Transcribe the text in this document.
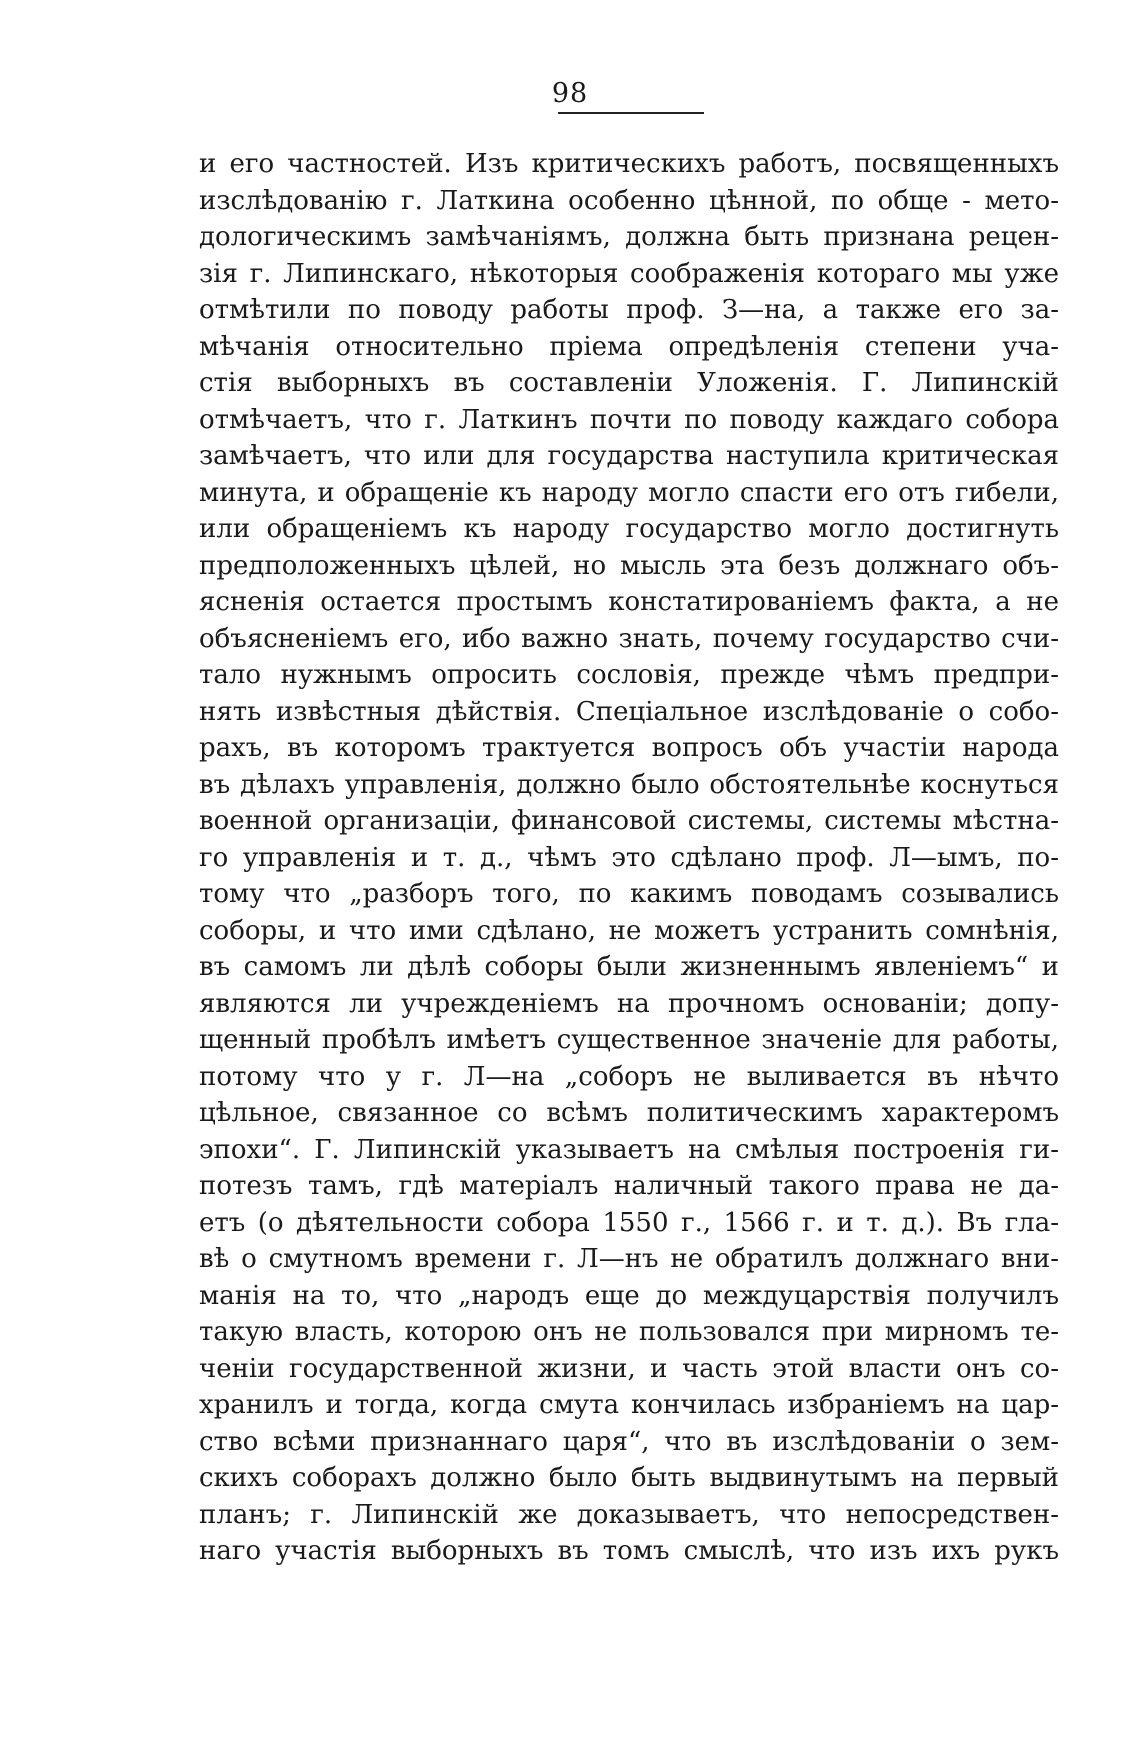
98
и его частностей. Изъ критическихъ работъ, посвященныхъ
изслѣдованію г. Латкина особенно цѣнной, по обще - мето-
дологическимъ замѣчаніямъ, должна быть признана рецен-
зія г. Липинскаго, нѣкоторыя соображенія котораго мы уже
отмѣтили по поводу работы проф. З—на, а также его за-
мѣчанія относительно пріема опредѣленія степени уча-
стія выборныхъ въ составленіи Уложенія. Г. Липинскій
отмѣчаетъ, что г. Латкинъ почти по поводу каждаго собора
замѣчаетъ, что или для государства наступила критическая
минута, и обращеніе къ народу могло спасти его отъ гибели,
или обращеніемъ къ народу государство могло достигнуть
предположенныхъ цѣлей, но мысль эта безъ должнаго объ-
ясненія остается простымъ констатированіемъ факта, а не
объясненіемъ его, ибо важно знать, почему государство счи-
тало нужнымъ опросить сословія, прежде чѣмъ предпри-
нять извѣстныя дѣйствія. Спеціальное изслѣдованіе о собо-
рахъ, въ которомъ трактуется вопросъ объ участіи народа
въ дѣлахъ управленія, должно было обстоятельнѣе коснуться
военной организаціи, финансовой системы, системы мѣстна-
го управленія и т. д., чѣмъ это сдѣлано проф. Л—ымъ, по-
тому что „разборъ того, по какимъ поводамъ созывались
соборы, и что ими сдѣлано, не можетъ устранить сомнѣнія,
въ самомъ ли дѣлѣ соборы были жизненнымъ явленіемъ“ и
являются ли учрежденіемъ на прочномъ основаніи; допу-
щенный пробѣлъ имѣетъ существенное значеніе для работы,
потому что у г. Л—на „соборъ не выливается въ нѣчто
цѣльное, связанное со всѣмъ политическимъ характеромъ
эпохи“. Г. Липинскій указываетъ на смѣлыя построенія ги-
потезъ тамъ, гдѣ матеріалъ наличный такого права не да-
етъ (о дѣятельности собора 1550 г., 1566 г. и т. д.). Въ гла-
вѣ о смутномъ времени г. Л—нъ не обратилъ должнаго вни-
манія на то, что „народъ еще до междуцарствія получилъ
такую власть, которою онъ не пользовался при мирномъ те-
ченіи государственной жизни, и часть этой власти онъ со-
хранилъ и тогда, когда смута кончилась избраніемъ на цар-
ство всѣми признаннаго царя“, что въ изслѣдованіи о зем-
скихъ соборахъ должно было быть выдвинутымъ на первый
планъ; г. Липинскій же доказываетъ, что непосредствен-
наго участія выборныхъ въ томъ смыслѣ, что изъ ихъ рукъ
